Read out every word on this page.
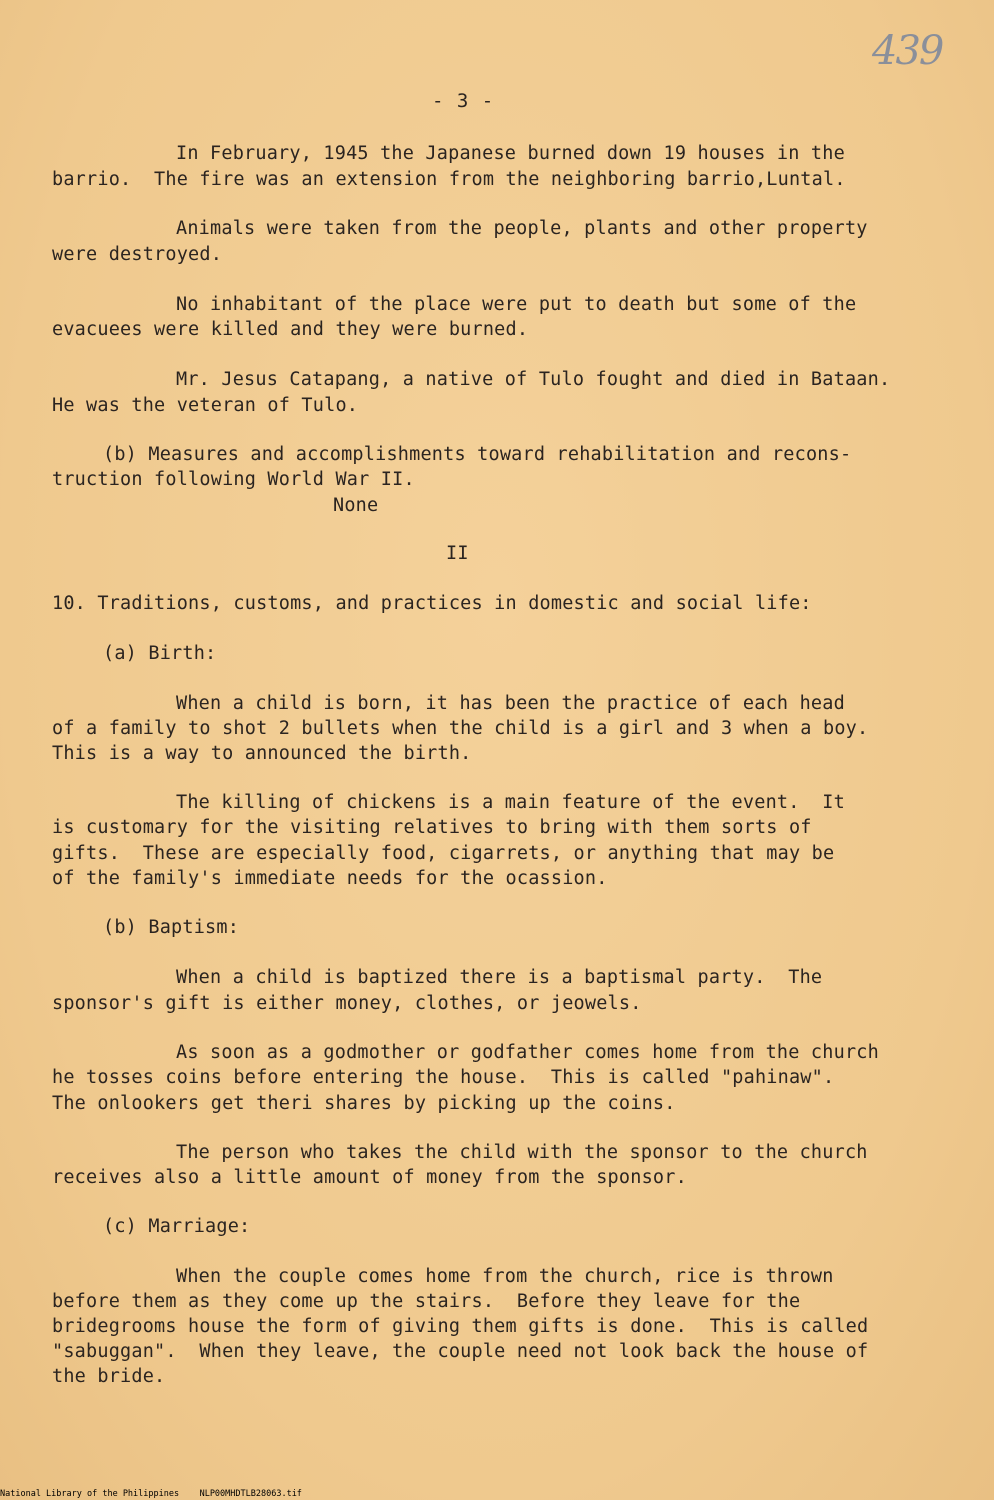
439
- 3 -
In February, 1945 the Japanese burned down 19 houses in the
barrio.  The fire was an extension from the neighboring barrio,Luntal.
Animals were taken from the people, plants and other property
were destroyed.
No inhabitant of the place were put to death but some of the
evacuees were killed and they were burned.
Mr. Jesus Catapang, a native of Tulo fought and died in Bataan.
He was the veteran of Tulo.
(b) Measures and accomplishments toward rehabilitation and recons-
truction following World War II.
None
II
10. Traditions, customs, and practices in domestic and social life:
(a) Birth:
When a child is born, it has been the practice of each head
of a family to shot 2 bullets when the child is a girl and 3 when a boy.
This is a way to announced the birth.
The killing of chickens is a main feature of the event.  It
is customary for the visiting relatives to bring with them sorts of
gifts.  These are especially food, cigarrets, or anything that may be
of the family's immediate needs for the ocassion.
(b) Baptism:
When a child is baptized there is a baptismal party.  The
sponsor's gift is either money, clothes, or jeowels.
As soon as a godmother or godfather comes home from the church
he tosses coins before entering the house.  This is called "pahinaw".
The onlookers get theri shares by picking up the coins.
The person who takes the child with the sponsor to the church
receives also a little amount of money from the sponsor.
(c) Marriage:
When the couple comes home from the church, rice is thrown
before them as they come up the stairs.  Before they leave for the
bridegrooms house the form of giving them gifts is done.  This is called
"sabuggan".  When they leave, the couple need not look back the house of
the bride.
National Library of the Philippines    NLP00MHDTLB28063.tif
